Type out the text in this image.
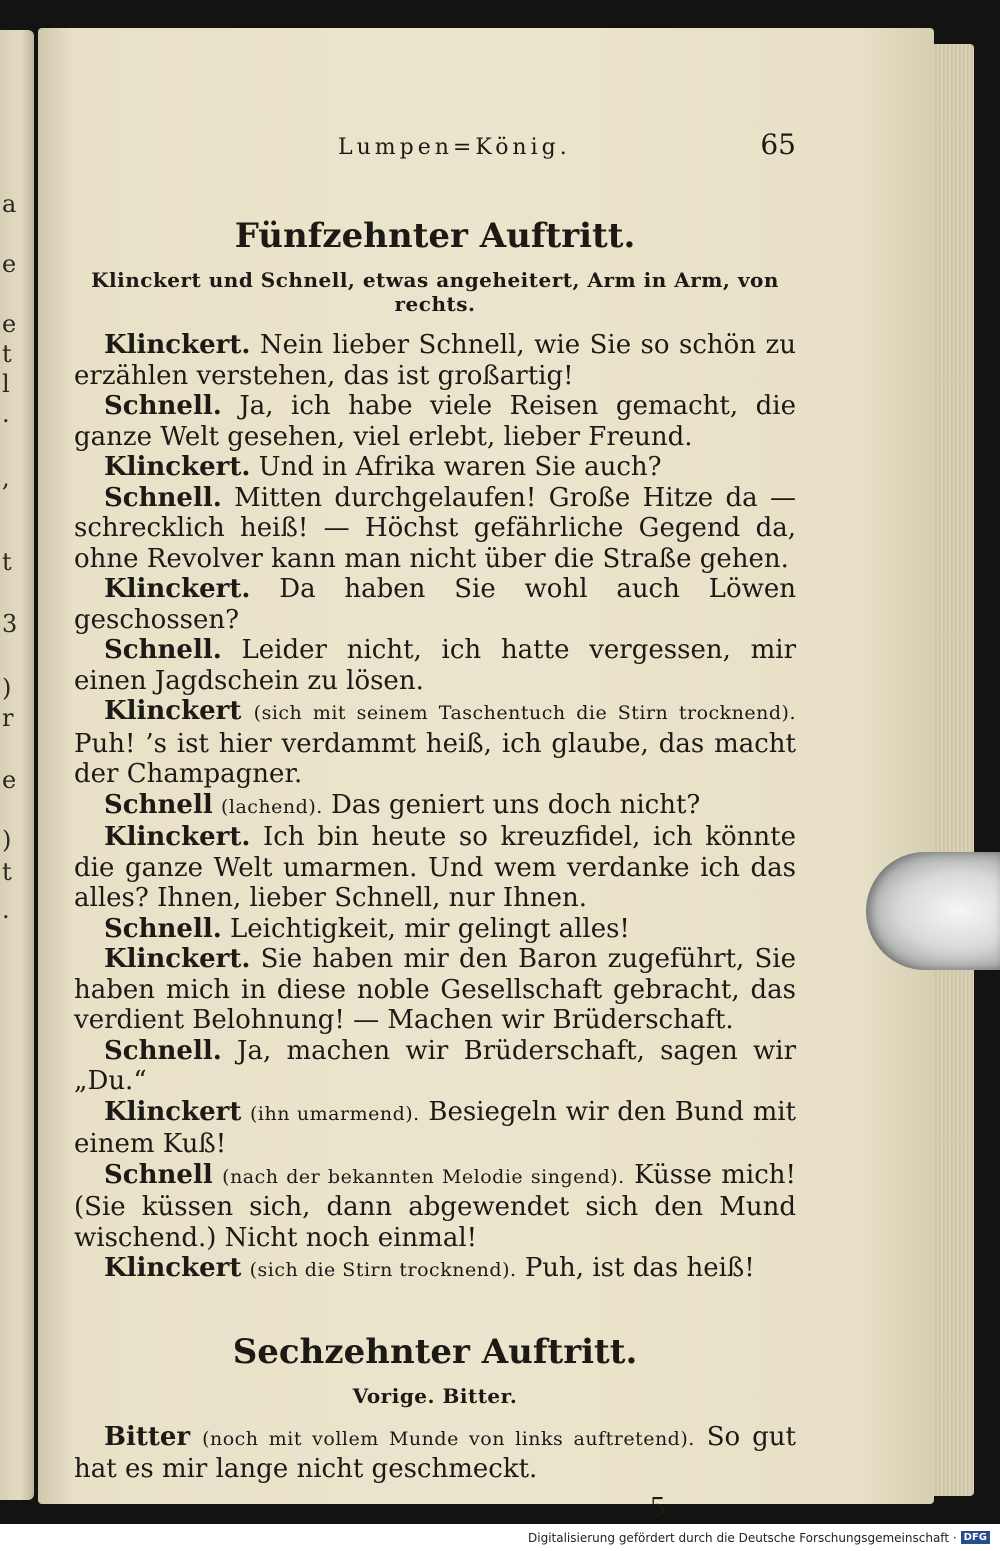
a
e
e
t
l
.
,
t
3
)
r
e
)
t
.
Lumpen=König.	65
Fünfzehnter Auftritt.
Klinckert und Schnell, etwas angeheitert, Arm in Arm, von rechts.

Klinckert. Nein lieber Schnell, wie Sie so schön zu erzählen verstehen, das ist großartig!

Schnell. Ja, ich habe viele Reisen gemacht, die ganze Welt gesehen, viel erlebt, lieber Freund.

Klinckert. Und in Afrika waren Sie auch?

Schnell. Mitten durchgelaufen! Große Hitze da — schrecklich heiß! — Höchst gefährliche Gegend da, ohne Revolver kann man nicht über die Straße gehen.

Klinckert. Da haben Sie wohl auch Löwen geschossen?

Schnell. Leider nicht, ich hatte vergessen, mir einen Jagdschein zu lösen.

Klinckert (sich mit seinem Taschentuch die Stirn trocknend). Puh! ’s ist hier verdammt heiß, ich glaube, das macht der Champagner.

Schnell (lachend). Das geniert uns doch nicht?

Klinckert. Ich bin heute so kreuzfidel, ich könnte die ganze Welt umarmen. Und wem verdanke ich das alles? Ihnen, lieber Schnell, nur Ihnen.

Schnell. Leichtigkeit, mir gelingt alles!

Klinckert. Sie haben mir den Baron zugeführt, Sie haben mich in diese noble Gesellschaft gebracht, das verdient Belohnung! — Machen wir Brüderschaft.

Schnell. Ja, machen wir Brüderschaft, sagen wir „Du.“

Klinckert (ihn umarmend). Besiegeln wir den Bund mit einem Kuß!

Schnell (nach der bekannten Melodie singend). Küsse mich! (Sie küssen sich, dann abgewendet sich den Mund wischend.) Nicht noch einmal!

Klinckert (sich die Stirn trocknend). Puh, ist das heiß!

Sechzehnter Auftritt.
Vorige. Bitter.

Bitter (noch mit vollem Munde von links auftretend). So gut hat es mir lange nicht geschmeckt.

5
Digitalisierung gefördert durch die Deutsche Forschungsgemeinschaft · DFG
